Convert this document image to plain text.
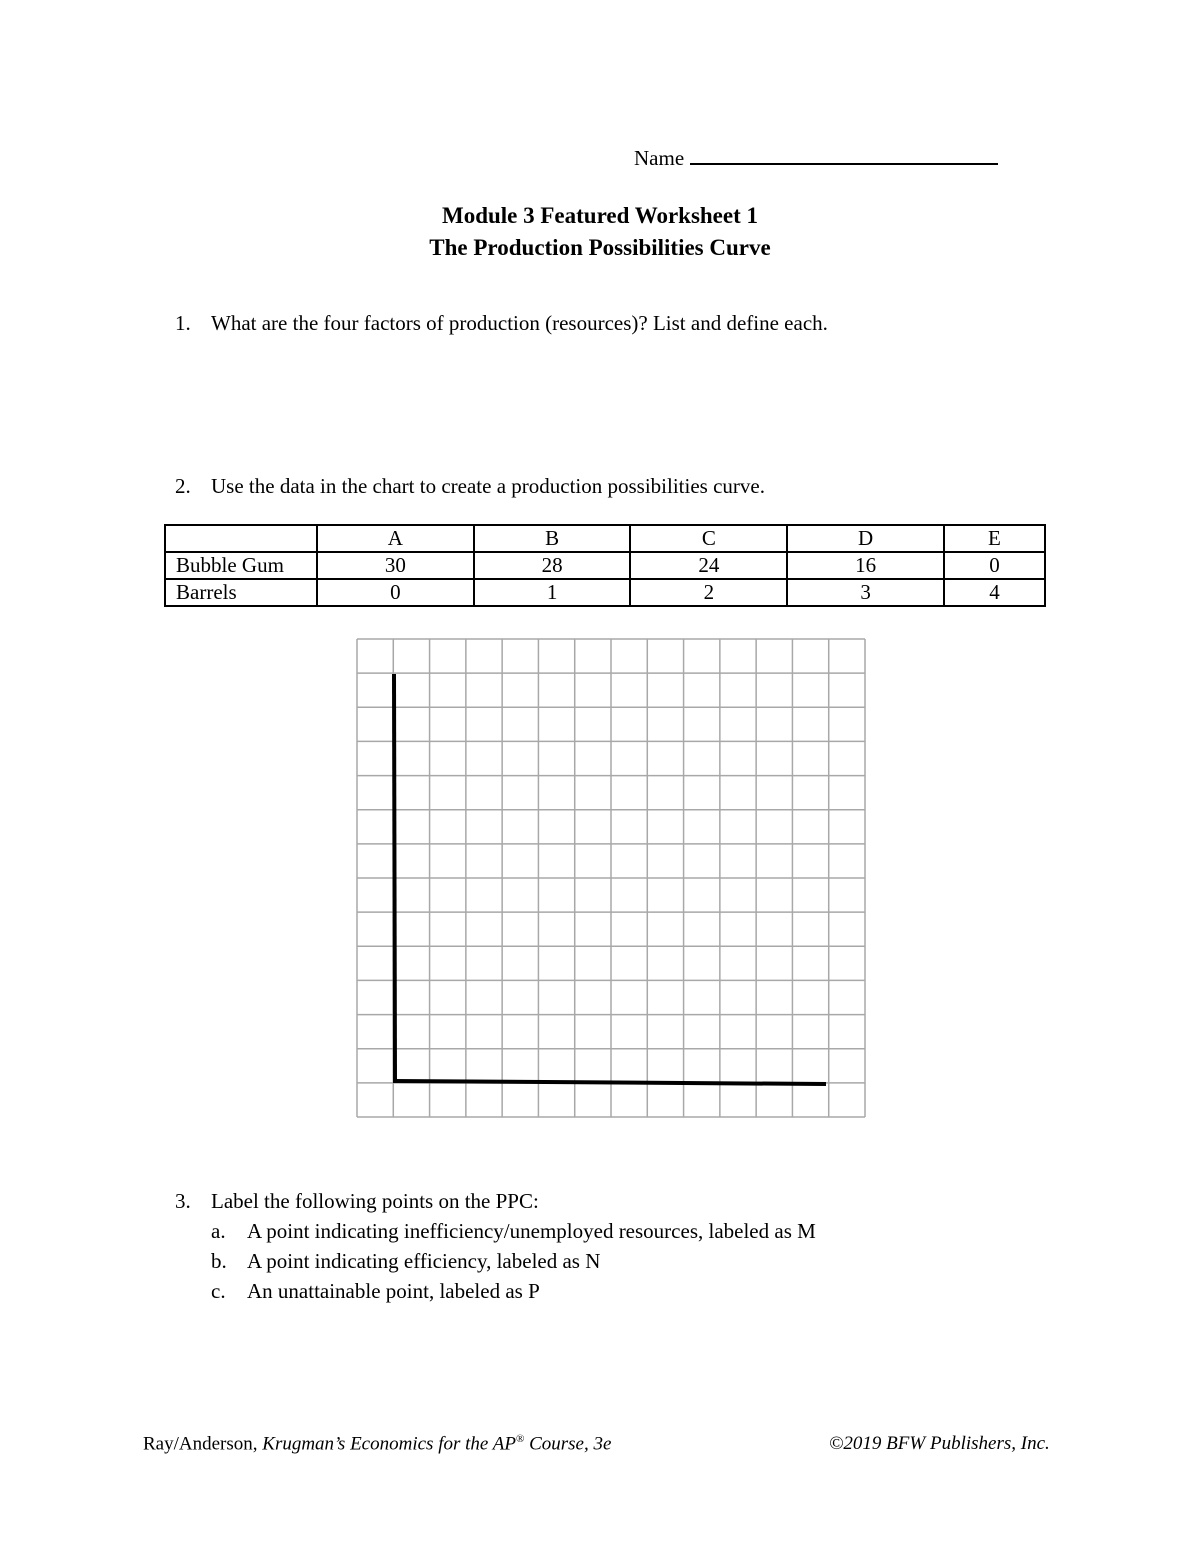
Name
Module 3 Featured Worksheet 1
The Production Possibilities Curve
1. What are the four factors of production (resources)? List and define each.
2. Use the data in the chart to create a production possibilities curve.
	A	B	C	D	E
Bubble Gum	30	28	24	16	0
Barrels	0	1	2	3	4
3. Label the following points on the PPC:
a. A point indicating inefficiency/unemployed resources, labeled as M
b. A point indicating efficiency, labeled as N
c. An unattainable point, labeled as P
Ray/Anderson, Krugman’s Economics for the AP® Course, 3e	©2019 BFW Publishers, Inc.
